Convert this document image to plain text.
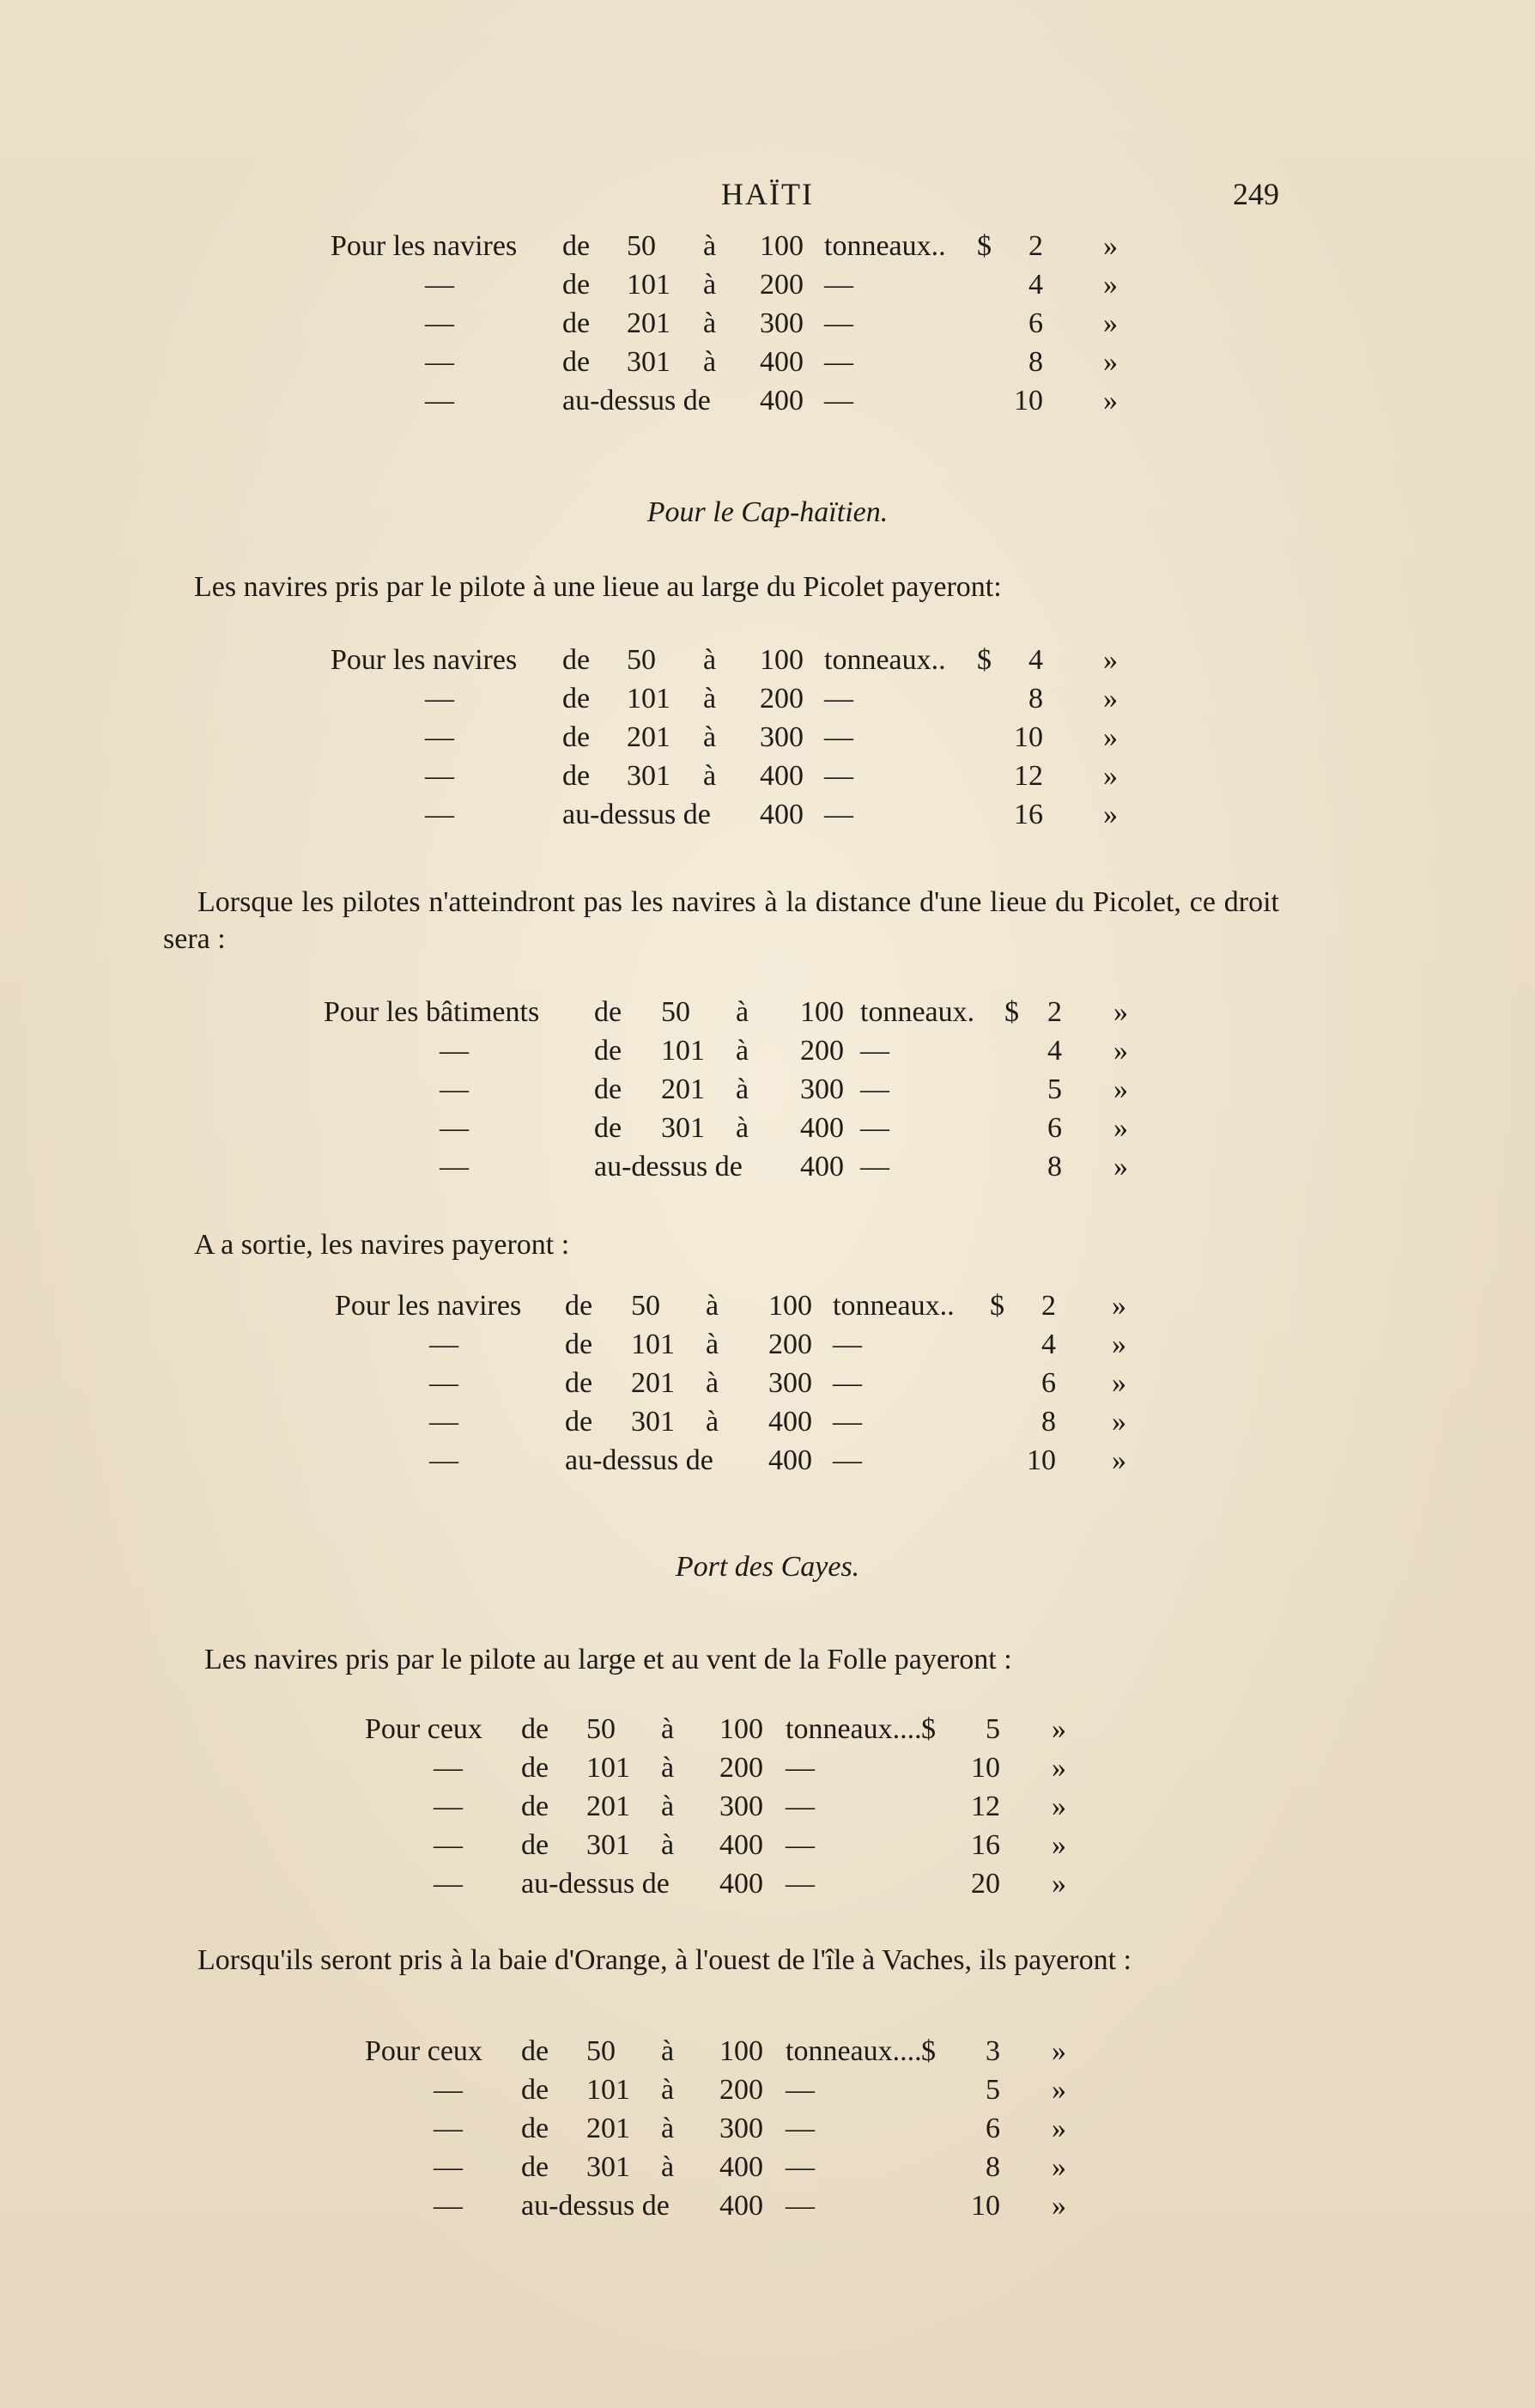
HAÏTI	249
Pour les navires de 50 à 100 tonneaux..	$	2 »
—	de 101 à 200 —	4 »
—	de 201 à 300 —	6 »
—	de 301 à 400 —	8 »
—	au-dessus de 400 —	10 »
Pour le Cap-haïtien.
Les navires pris par le pilote à une lieue au large du Picolet payeront:
Pour les navires de 50 à 100 tonneaux..	$	4 »
—	de 101 à 200 —	8 »
—	de 201 à 300 —	10 »
—	de 301 à 400 —	12 »
—	au-dessus de 400 —	16 »
Lorsque les pilotes n'atteindront pas les navires à la distance d'une lieue du Picolet, ce droit sera :
Pour les bâtiments de 50 à 100 tonneaux.	$ 2 »
—	de 101 à 200 —	4 »
—	de 201 à 300 —	5 »
—	de 301 à 400 —	6 »
—	au-dessus de 400 —	8 »
A a sortie, les navires payeront :
Pour les navires de 50 à 100 tonneaux..	$	2 »
—	de 101 à 200 —	4 »
—	de 201 à 300 —	6 »
—	de 301 à 400 —	8 »
—	au-dessus de 400 —	10 »
Port des Cayes.
Les navires pris par le pilote au large et au vent de la Folle payeront :
Pour ceux de 50 à 100 tonneaux.... $	5 »
— de 101 à 200 —	10 »
— de 201 à 300 —	12 »
— de 301 à 400 —	16 »
— au-dessus de 400 —	20 »
Lorsqu'ils seront pris à la baie d'Orange, à l'ouest de l'île à Vaches, ils payeront :
Pour ceux de 50 à 100 tonneaux.... $	3 »
— de 101 à 200 —	5 »
— de 201 à 300 —	6 »
— de 301 à 400 —	8 »
— au-dessus de 400 —	10 »
